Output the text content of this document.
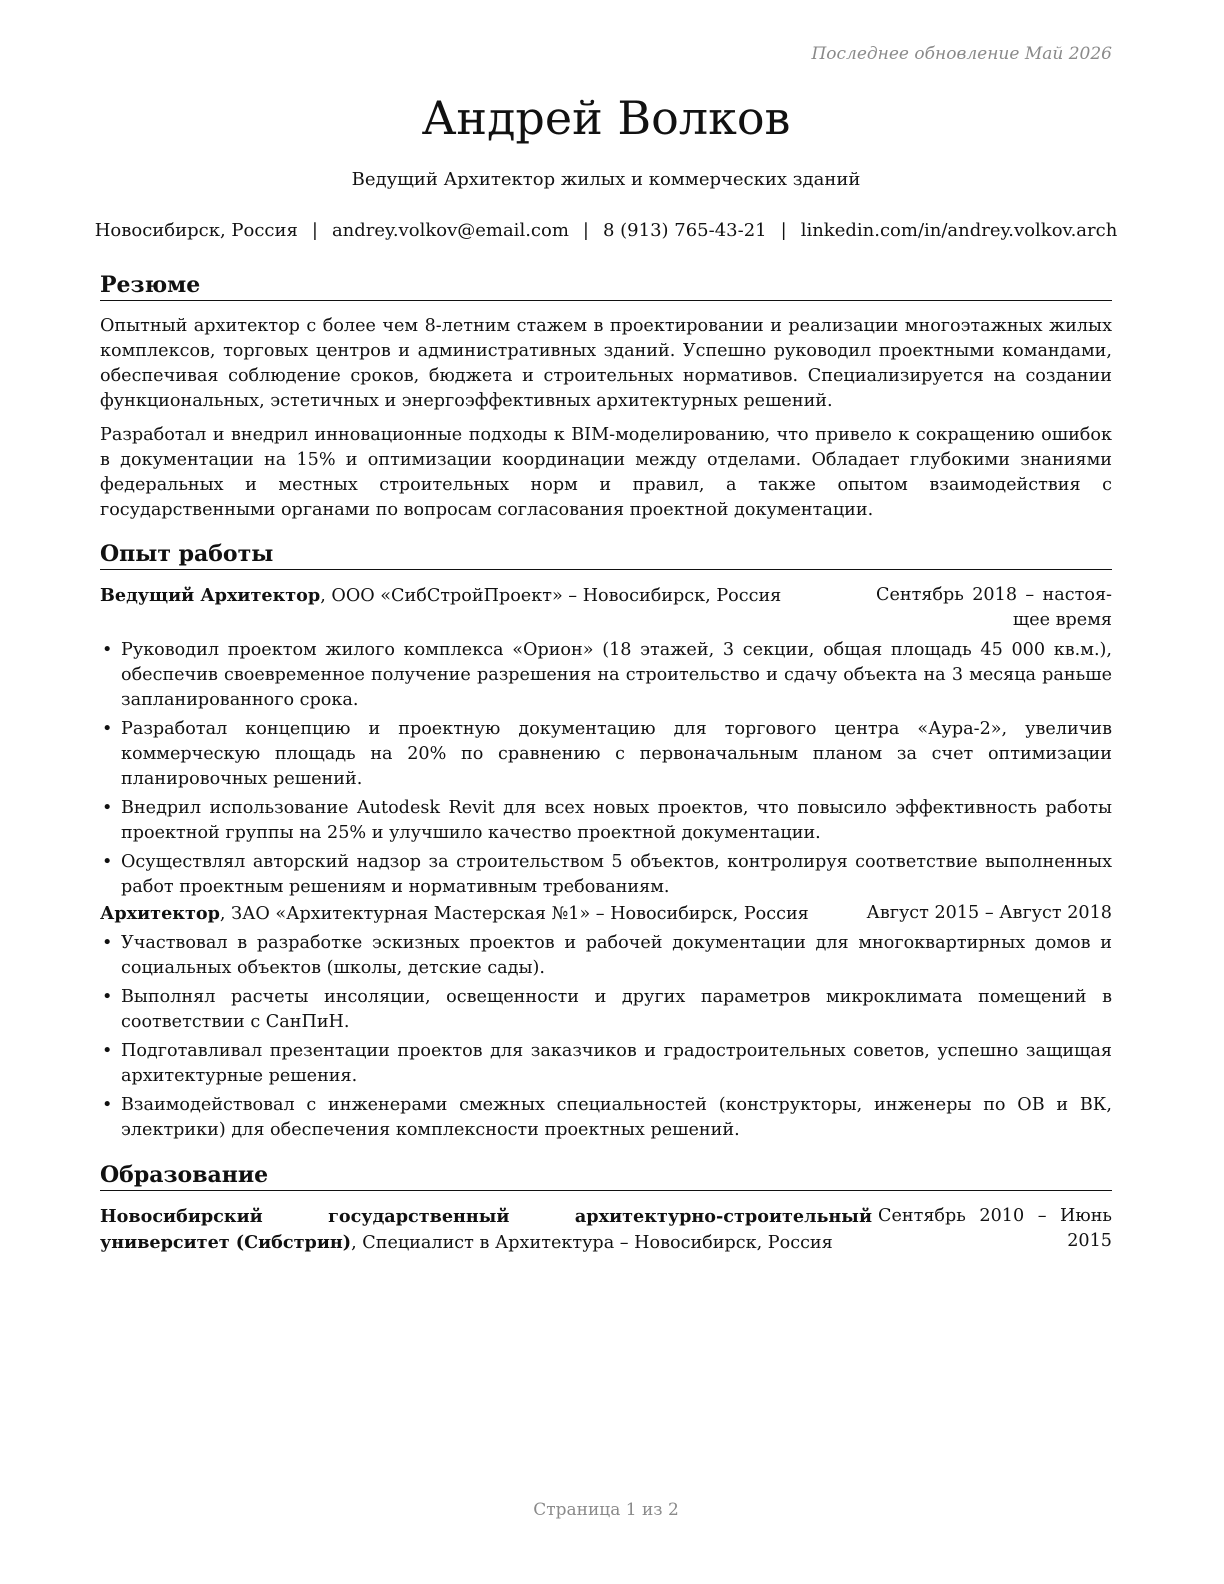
Последнее обновление Май 2026
Андрей Волков
Ведущий Архитектор жилых и коммерческих зданий
Новосибирск, Россия | andrey.volkov@email.com | 8 (913) 765-43-21 | linkedin.com/in/andrey.volkov.arch
Резюме

Опытный архитектор с более чем 8-летним стажем в проектировании и реализации многоэтажных жилых комплексов, торговых центров и административных зданий. Успешно руководил проектными командами, обеспечивая соблюдение сроков, бюджета и строительных нормативов. Специализируется на создании функциональных, эстетичных и энергоэффективных архитектурных решений.

Разработал и внедрил инновационные подходы к BIM-моделированию, что привело к сокращению ошибок в документации на 15% и оптимизации координации между отделами. Обладает глубокими знаниями федеральных и местных строительных норм и правил, а также опытом взаимодействия с государственными органами по вопросам согласования проектной документации.

Опыт работы
Ведущий Архитектор, ООО «СибСтройПроект» – Новосибирск, Россия	Сентябрь 2018 – настоя-
щее время
• Руководил проектом жилого комплекса «Орион» (18 этажей, 3 секции, общая площадь 45 000 кв.м.), обеспечив своевременное получение разрешения на строительство и сдачу объекта на 3 месяца раньше запланированного срока.
• Разработал концепцию и проектную документацию для торгового центра «Аура-2», увеличив коммерческую площадь на 20% по сравнению с первоначальным планом за счет оптимизации планировочных решений.
• Внедрил использование Autodesk Revit для всех новых проектов, что повысило эффективность работы проектной группы на 25% и улучшило качество проектной документации.
• Осуществлял авторский надзор за строительством 5 объектов, контролируя соответствие выполненных работ проектным решениям и нормативным требованиям.
Архитектор, ЗАО «Архитектурная Мастерская №1» – Новосибирск, Россия	Август 2015 – Август 2018
• Участвовал в разработке эскизных проектов и рабочей документации для многоквартирных домов и социальных объектов (школы, детские сады).
• Выполнял расчеты инсоляции, освещенности и других параметров микроклимата помещений в соответствии с СанПиН.
• Подготавливал презентации проектов для заказчиков и градостроительных советов, успешно защищая архитектурные решения.
• Взаимодействовал с инженерами смежных специальностей (конструкторы, инженеры по ОВ и ВК, электрики) для обеспечения комплексности проектных решений.
Образование
Новосибирский государственный архитектурно-строительный университет (Сибстрин), Специалист в Архитектура – Новосибирск, Россия
Сентябрь 2010 – Июнь
2015
Страница 1 из 2
